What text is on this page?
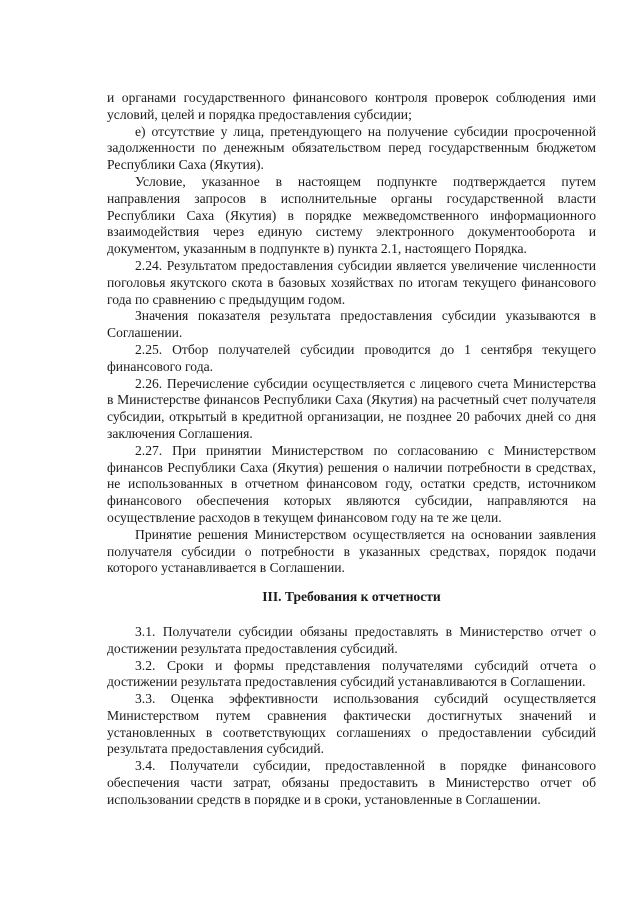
и органами государственного финансового контроля проверок соблюдения ими условий, целей и порядка предоставления субсидии;

е) отсутствие у лица, претендующего на получение субсидии просроченной задолженности по денежным обязательством перед государственным бюджетом Республики Саха (Якутия).

Условие, указанное в настоящем подпункте подтверждается путем направления запросов в исполнительные органы государственной власти Республики Саха (Якутия) в порядке межведомственного информационного взаимодействия через единую систему электронного документооборота и документом, указанным в подпункте в) пункта 2.1, настоящего Порядка.

2.24. Результатом предоставления субсидии является увеличение численности поголовья якутского скота в базовых хозяйствах по итогам текущего финансового года по сравнению с предыдущим годом.

Значения показателя результата предоставления субсидии указываются в Соглашении.

2.25. Отбор получателей субсидии проводится до 1 сентября текущего финансового года.

2.26. Перечисление субсидии осуществляется с лицевого счета Министерства в Министерстве финансов Республики Саха (Якутия) на расчетный счет получателя субсидии, открытый в кредитной организации, не позднее 20 рабочих дней со дня заключения Соглашения.

2.27. При принятии Министерством по согласованию с Министерством финансов Республики Саха (Якутия) решения о наличии потребности в средствах, не использованных в отчетном финансовом году, остатки средств, источником финансового обеспечения которых являются субсидии, направляются на осуществление расходов в текущем финансовом году на те же цели.

Принятие решения Министерством осуществляется на основании заявления получателя субсидии о потребности в указанных средствах, порядок подачи которого устанавливается в Соглашении.

III. Требования к отчетности

3.1. Получатели субсидии обязаны предоставлять в Министерство отчет о достижении результата предоставления субсидий.

3.2. Сроки и формы представления получателями субсидий отчета о достижении результата предоставления субсидий устанавливаются в Соглашении.

3.3. Оценка эффективности использования субсидий осуществляется Министерством путем сравнения фактически достигнутых значений и установленных в соответствующих соглашениях о предоставлении субсидий результата предоставления субсидий.

3.4. Получатели субсидии, предоставленной в порядке финансового обеспечения части затрат, обязаны предоставить в Министерство отчет об использовании средств в порядке и в сроки, установленные в Соглашении.
